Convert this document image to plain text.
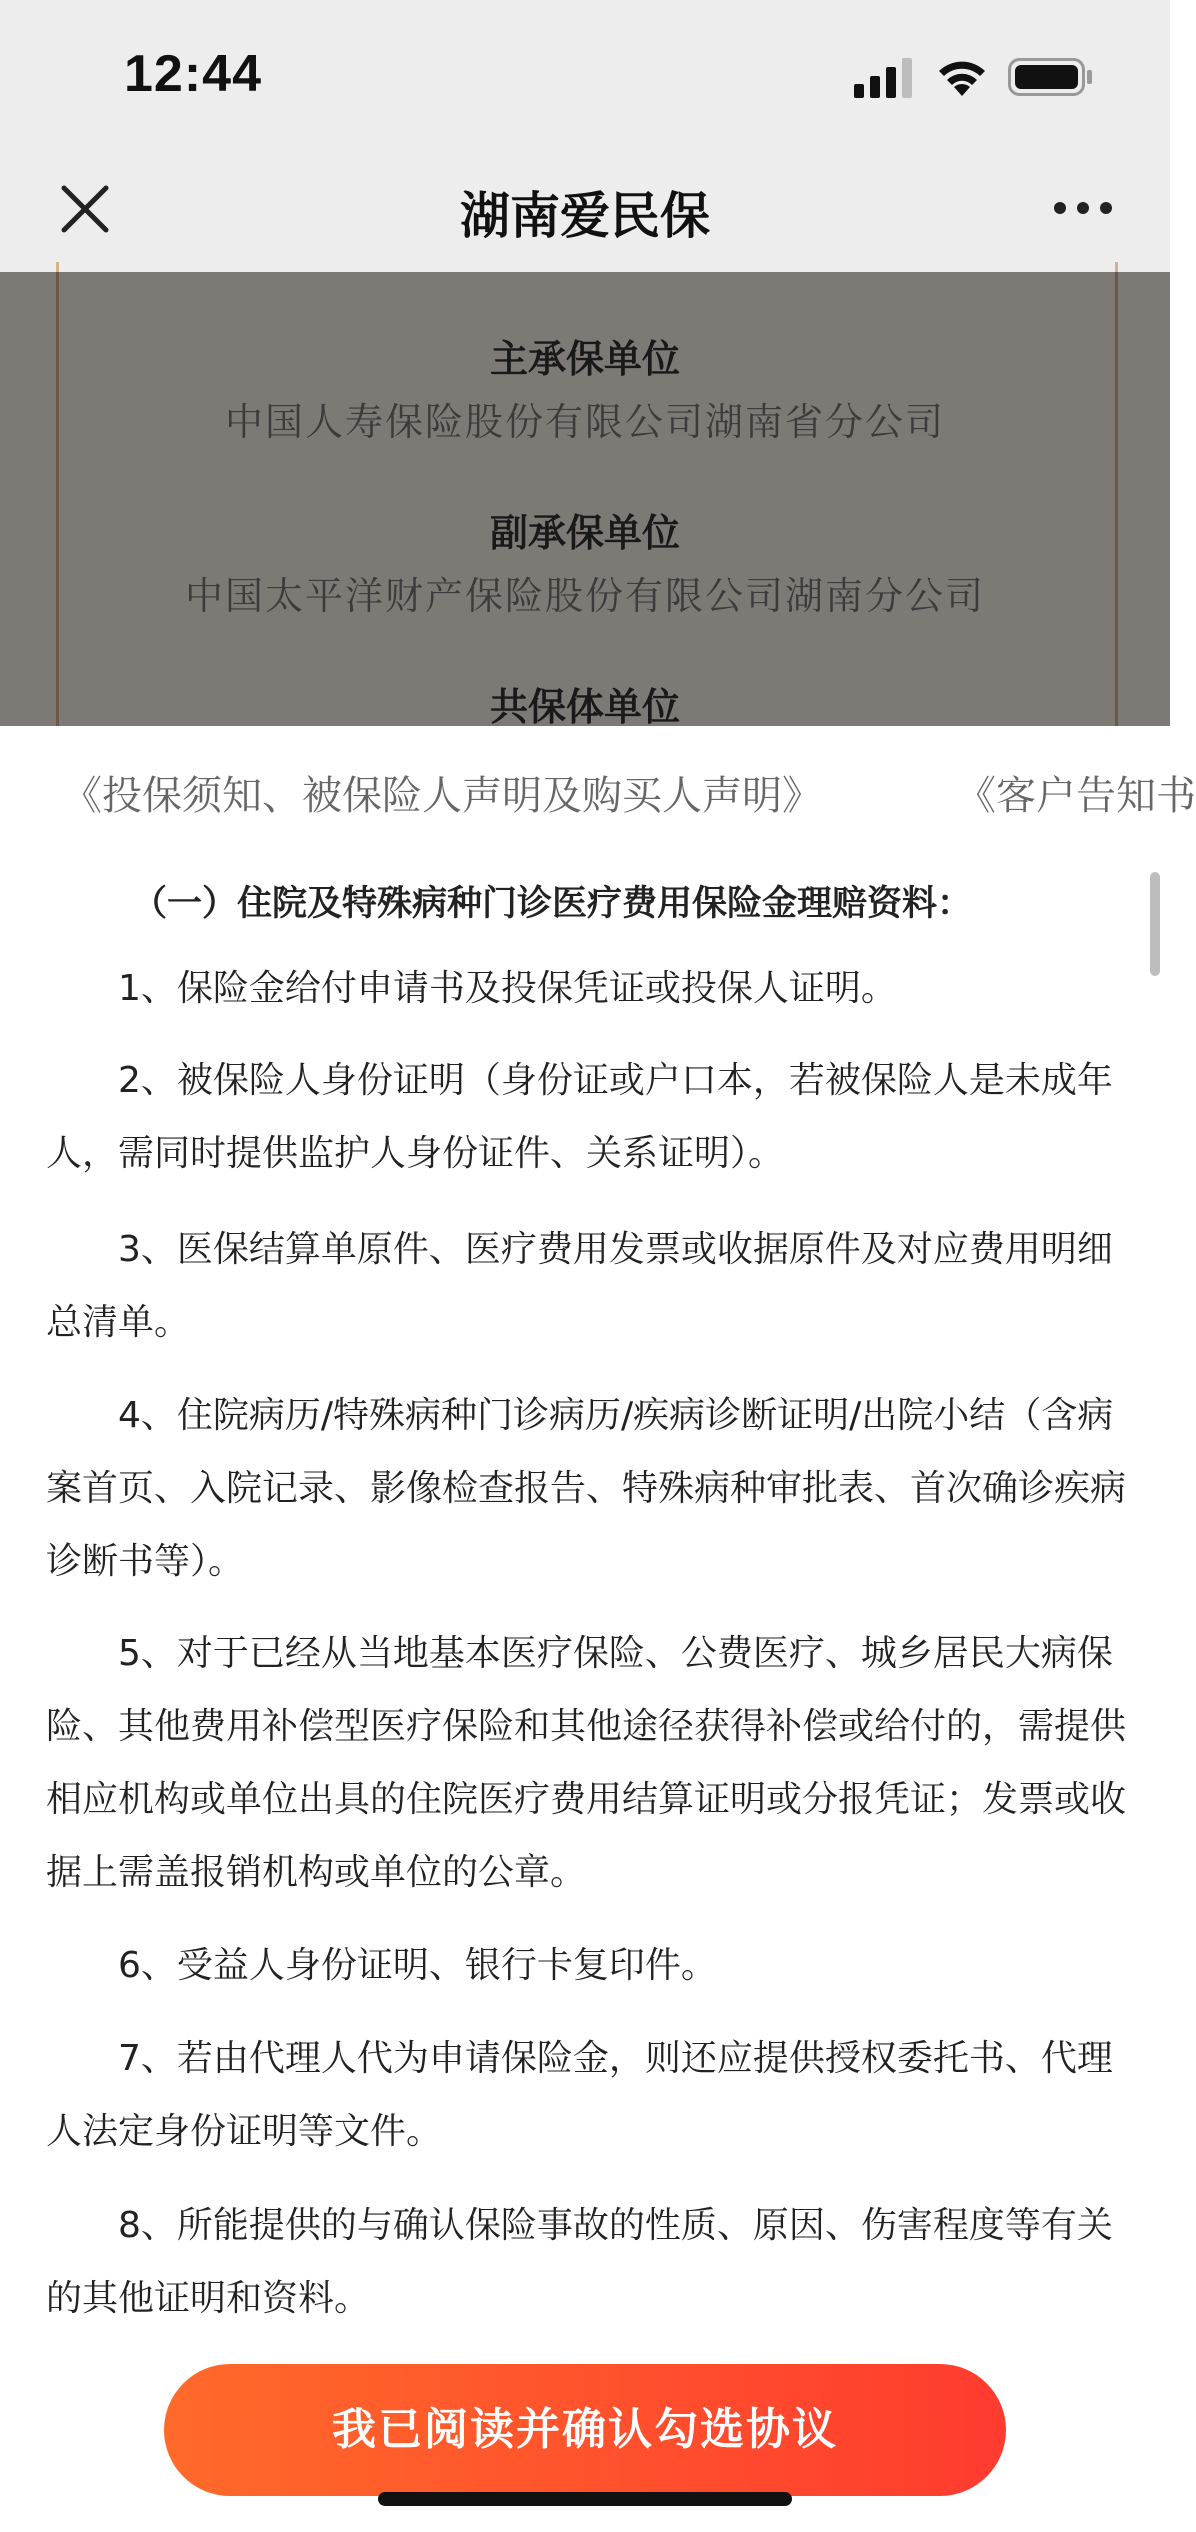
12:44
湖南爱民保
《投保须知、被保险人声明及购买人声明》	《客户告知书
（一）住院及特殊病种门诊医疗费用保险金理赔资料：

1、保险金给付申请书及投保凭证或投保人证明。

2、被保险人身份证明（身份证或户口本，若被保险人是未成年人，需同时提供监护人身份证件、关系证明）。

3、医保结算单原件、医疗费用发票或收据原件及对应费用明细总清单。

4、住院病历/特殊病种门诊病历/疾病诊断证明/出院小结（含病案首页、入院记录、影像检查报告、特殊病种审批表、首次确诊疾病诊断书等）。

5、对于已经从当地基本医疗保险、公费医疗、城乡居民大病保险、其他费用补偿型医疗保险和其他途径获得补偿或给付的，需提供相应机构或单位出具的住院医疗费用结算证明或分报凭证；发票或收据上需盖报销机构或单位的公章。

6、受益人身份证明、银行卡复印件。

7、若由代理人代为申请保险金，则还应提供授权委托书、代理人法定身份证明等文件。

8、所能提供的与确认保险事故的性质、原因、伤害程度等有关的其他证明和资料。

我已阅读并确认勾选协议
